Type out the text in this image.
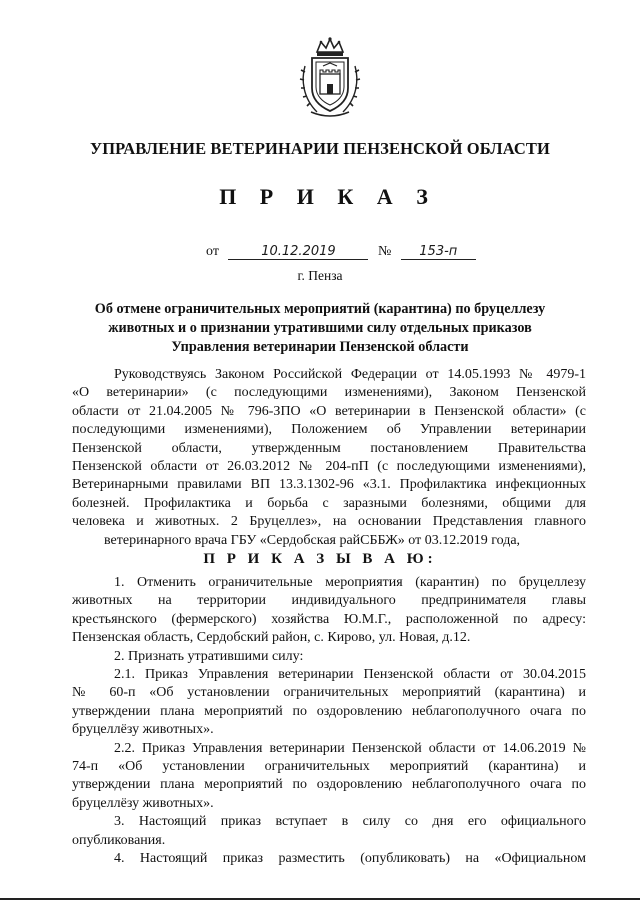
УПРАВЛЕНИЕ ВЕТЕРИНАРИИ ПЕНЗЕНСКОЙ ОБЛАСТИ
П Р И К А З
от	10.12.2019	№ 153-п
г. Пенза
Об отмене ограничительных мероприятий (карантина) по бруцеллезу
животных и о признании утратившими силу отдельных приказов
Управления ветеринарии Пензенской области
Руководствуясь Законом Российской Федерации от 14.05.1993 № 4979-1
«О ветеринарии» (с последующими изменениями), Законом Пензенской
области от 21.04.2005 № 796-ЗПО «О ветеринарии в Пензенской области» (с
последующими изменениями), Положением об Управлении ветеринарии
Пензенской области, утвержденным постановлением Правительства
Пензенской области от 26.03.2012 № 204-пП (с последующими изменениями),
Ветеринарными правилами ВП 13.3.1302-96 «3.1. Профилактика инфекционных
болезней. Профилактика и борьба с заразными болезнями, общими для
человека и животных. 2 Бруцеллез», на основании Представления главного
ветеринарного врача ГБУ «Сердобская райСББЖ» от 03.12.2019 года,
П Р И К А З Ы В А Ю:
1. Отменить ограничительные мероприятия (карантин) по бруцеллезу
животных на территории индивидуального предпринимателя главы
крестьянского (фермерского) хозяйства Ю.М.Г., расположенной по адресу:
Пензенская область, Сердобский район, с. Кирово, ул. Новая, д.12.
2. Признать утратившими силу:
2.1. Приказ Управления ветеринарии Пензенской области от 30.04.2015
№ 60-п «Об установлении ограничительных мероприятий (карантина) и
утверждении плана мероприятий по оздоровлению неблагополучного очага по
бруцеллёзу животных».
2.2. Приказ Управления ветеринарии Пензенской области от 14.06.2019 №
74-п «Об установлении ограничительных мероприятий (карантина) и
утверждении плана мероприятий по оздоровлению неблагополучного очага по
бруцеллёзу животных».
3. Настоящий приказ вступает в силу со дня его официального
опубликования.
4. Настоящий приказ разместить (опубликовать) на «Официальном
